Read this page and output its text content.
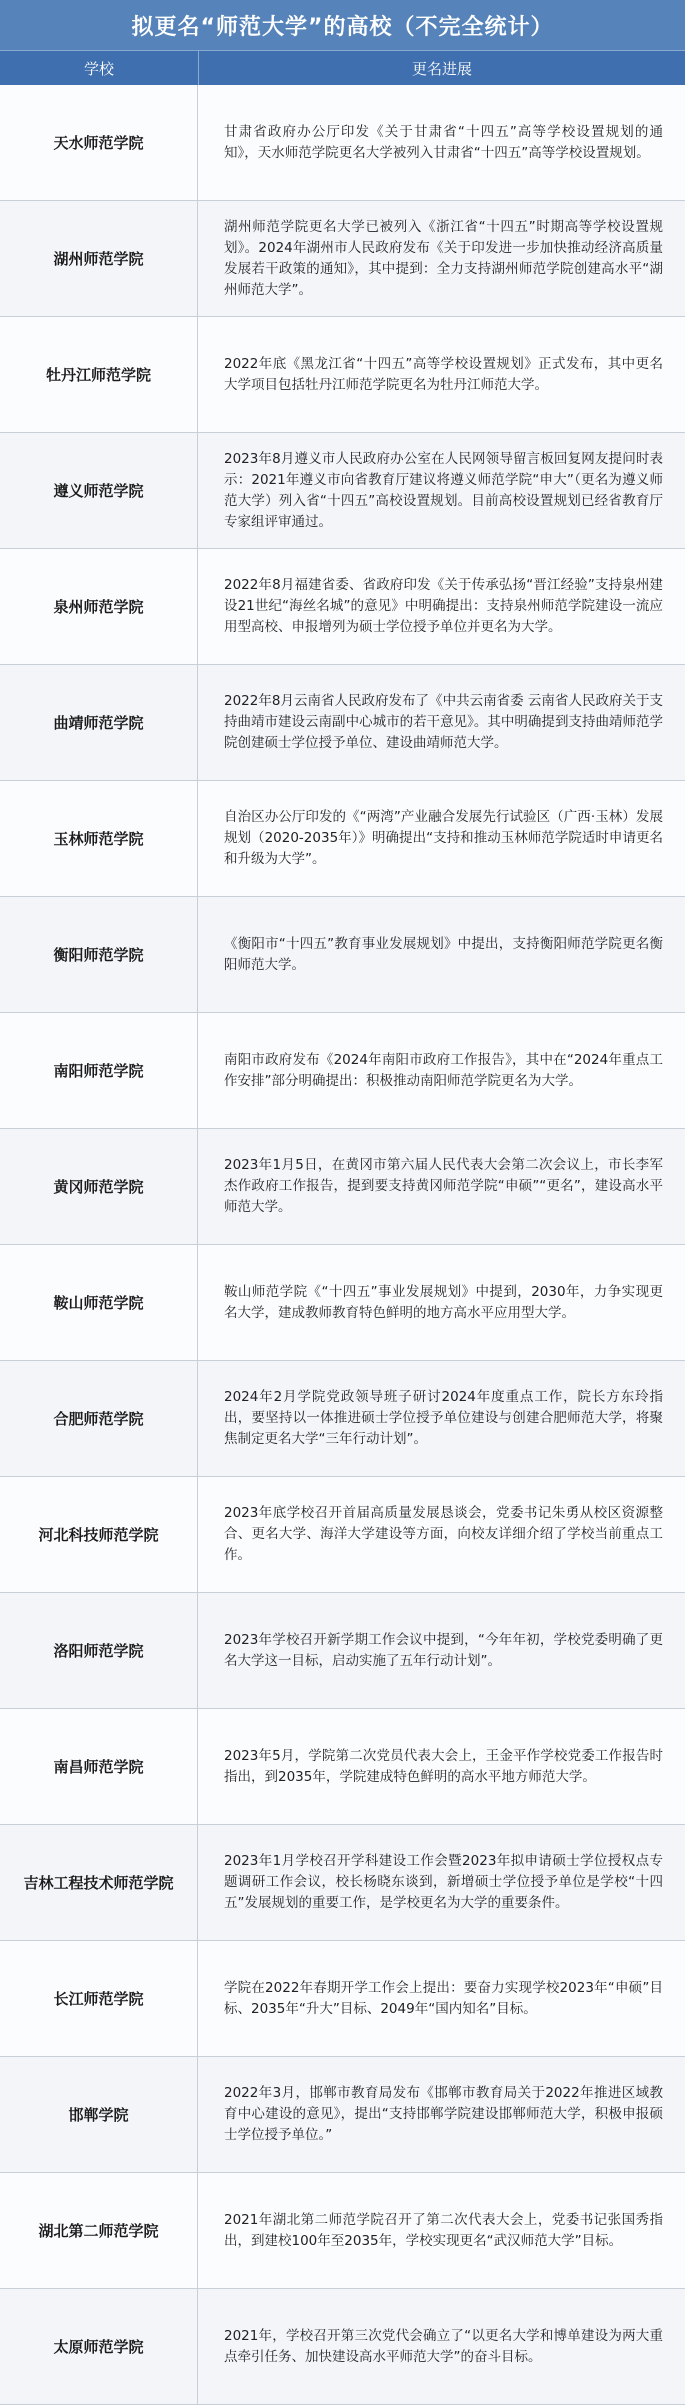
拟更名“师范大学”的高校（不完全统计）
学校	更名进展
天水师范学院
甘肃省政府办公厅印发《关于甘肃省“十四五”高等学校设置规划的通知》，天水师范学院更名大学被列入甘肃省“十四五”高等学校设置规划。
湖州师范学院
湖州师范学院更名大学已被列入《浙江省“十四五”时期高等学校设置规划》。2024年湖州市人民政府发布《关于印发进一步加快推动经济高质量发展若干政策的通知》，其中提到：全力支持湖州师范学院创建高水平“湖州师范大学”。
牡丹江师范学院
2022年底《黑龙江省“十四五”高等学校设置规划》正式发布，其中更名大学项目包括牡丹江师范学院更名为牡丹江师范大学。
遵义师范学院
2023年8月遵义市人民政府办公室在人民网领导留言板回复网友提问时表示：2021年遵义市向省教育厅建议将遵义师范学院“申大”（更名为遵义师范大学）列入省“十四五”高校设置规划。目前高校设置规划已经省教育厅专家组评审通过。
泉州师范学院
2022年8月福建省委、省政府印发《关于传承弘扬“晋江经验”支持泉州建设21世纪“海丝名城”的意见》中明确提出：支持泉州师范学院建设一流应用型高校、申报增列为硕士学位授予单位并更名为大学。
曲靖师范学院
2022年8月云南省人民政府发布了《中共云南省委 云南省人民政府关于支持曲靖市建设云南副中心城市的若干意见》。其中明确提到支持曲靖师范学院创建硕士学位授予单位、建设曲靖师范大学。
玉林师范学院
自治区办公厅印发的《“两湾”产业融合发展先行试验区（广西·玉林）发展规划（2020-2035年）》明确提出“支持和推动玉林师范学院适时申请更名和升级为大学”。
衡阳师范学院
《衡阳市“十四五”教育事业发展规划》中提出，支持衡阳师范学院更名衡阳师范大学。
南阳师范学院
南阳市政府发布《2024年南阳市政府工作报告》，其中在“2024年重点工作安排”部分明确提出：积极推动南阳师范学院更名为大学。
黄冈师范学院
2023年1月5日，在黄冈市第六届人民代表大会第二次会议上，市长李军杰作政府工作报告，提到要支持黄冈师范学院“申硕”“更名”，建设高水平师范大学。
鞍山师范学院
鞍山师范学院《“十四五”事业发展规划》中提到，2030年，力争实现更名大学，建成教师教育特色鲜明的地方高水平应用型大学。
合肥师范学院
2024年2月学院党政领导班子研讨2024年度重点工作，院长方东玲指出，要坚持以一体推进硕士学位授予单位建设与创建合肥师范大学，将聚焦制定更名大学“三年行动计划”。
河北科技师范学院
2023年底学校召开首届高质量发展恳谈会，党委书记朱勇从校区资源整合、更名大学、海洋大学建设等方面，向校友详细介绍了学校当前重点工作。
洛阳师范学院
2023年学校召开新学期工作会议中提到，“今年年初，学校党委明确了更名大学这一目标，启动实施了五年行动计划”。
南昌师范学院
2023年5月，学院第二次党员代表大会上，王金平作学校党委工作报告时指出，到2035年，学院建成特色鲜明的高水平地方师范大学。
吉林工程技术师范学院
2023年1月学校召开学科建设工作会暨2023年拟申请硕士学位授权点专题调研工作会议，校长杨晓东谈到，新增硕士学位授予单位是学校“十四五”发展规划的重要工作，是学校更名为大学的重要条件。
长江师范学院
学院在2022年春期开学工作会上提出：要奋力实现学校2023年“申硕”目标、2035年“升大”目标、2049年“国内知名”目标。
邯郸学院
2022年3月，邯郸市教育局发布《邯郸市教育局关于2022年推进区域教育中心建设的意见》，提出“支持邯郸学院建设邯郸师范大学，积极申报硕士学位授予单位。”
湖北第二师范学院
2021年湖北第二师范学院召开了第二次代表大会上，党委书记张国秀指出，到建校100年至2035年，学校实现更名“武汉师范大学”目标。
太原师范学院
2021年，学校召开第三次党代会确立了“以更名大学和博单建设为两大重点牵引任务、加快建设高水平师范大学”的奋斗目标。
